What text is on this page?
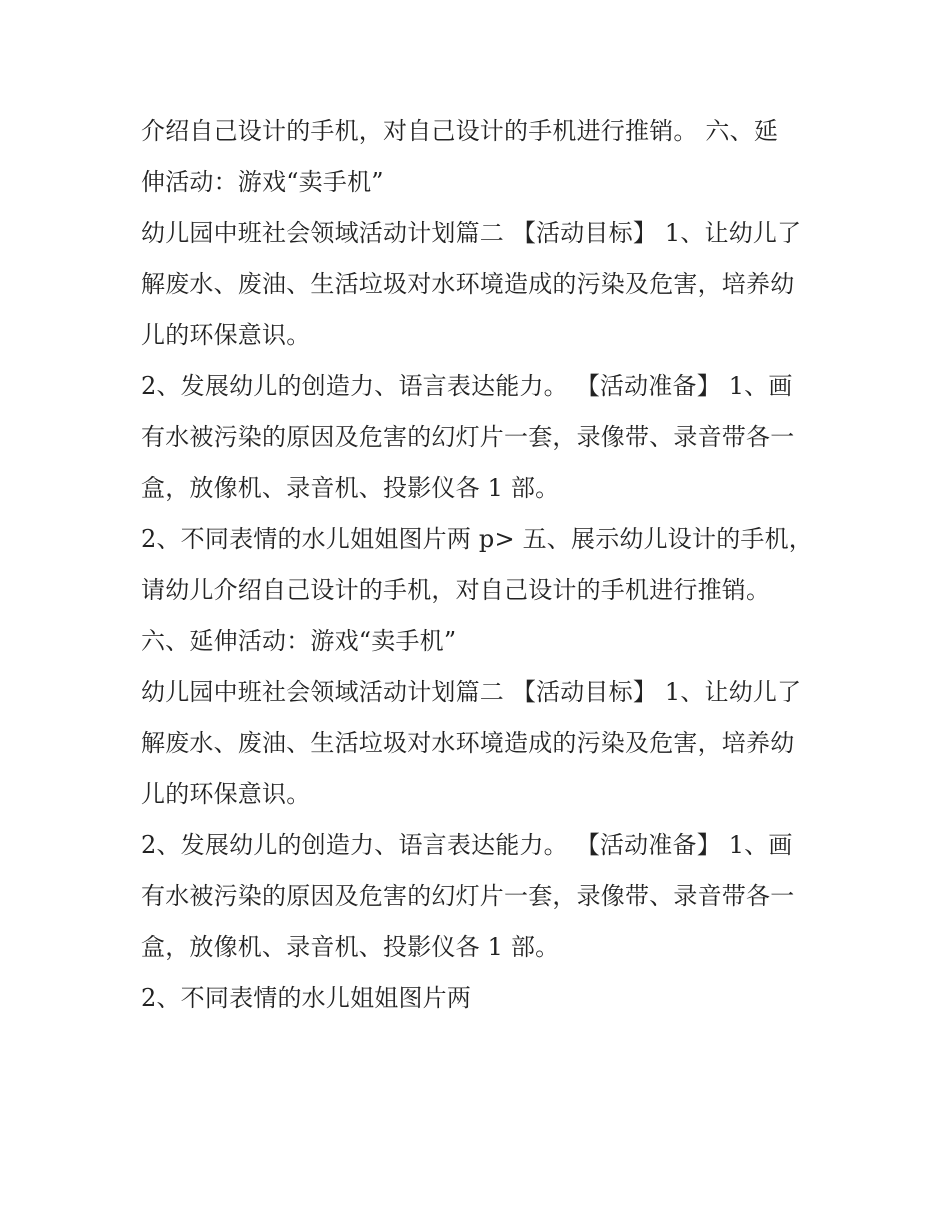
介绍自己设计的手机，对自己设计的手机进行推销。 六、延
伸活动：游戏“卖手机”
幼儿园中班社会领域活动计划篇二 【活动目标】 1、让幼儿了
解废水、废油、生活垃圾对水环境造成的污染及危害，培养幼
儿的环保意识。
2、发展幼儿的创造力、语言表达能力。 【活动准备】 1、画
有水被污染的原因及危害的幻灯片一套，录像带、录音带各一
盒，放像机、录音机、投影仪各 1 部。
2、不同表情的水儿姐姐图片两 p> 五、展示幼儿设计的手机，
请幼儿介绍自己设计的手机，对自己设计的手机进行推销。
六、延伸活动：游戏“卖手机”
幼儿园中班社会领域活动计划篇二 【活动目标】 1、让幼儿了
解废水、废油、生活垃圾对水环境造成的污染及危害，培养幼
儿的环保意识。
2、发展幼儿的创造力、语言表达能力。 【活动准备】 1、画
有水被污染的原因及危害的幻灯片一套，录像带、录音带各一
盒，放像机、录音机、投影仪各 1 部。
2、不同表情的水儿姐姐图片两
